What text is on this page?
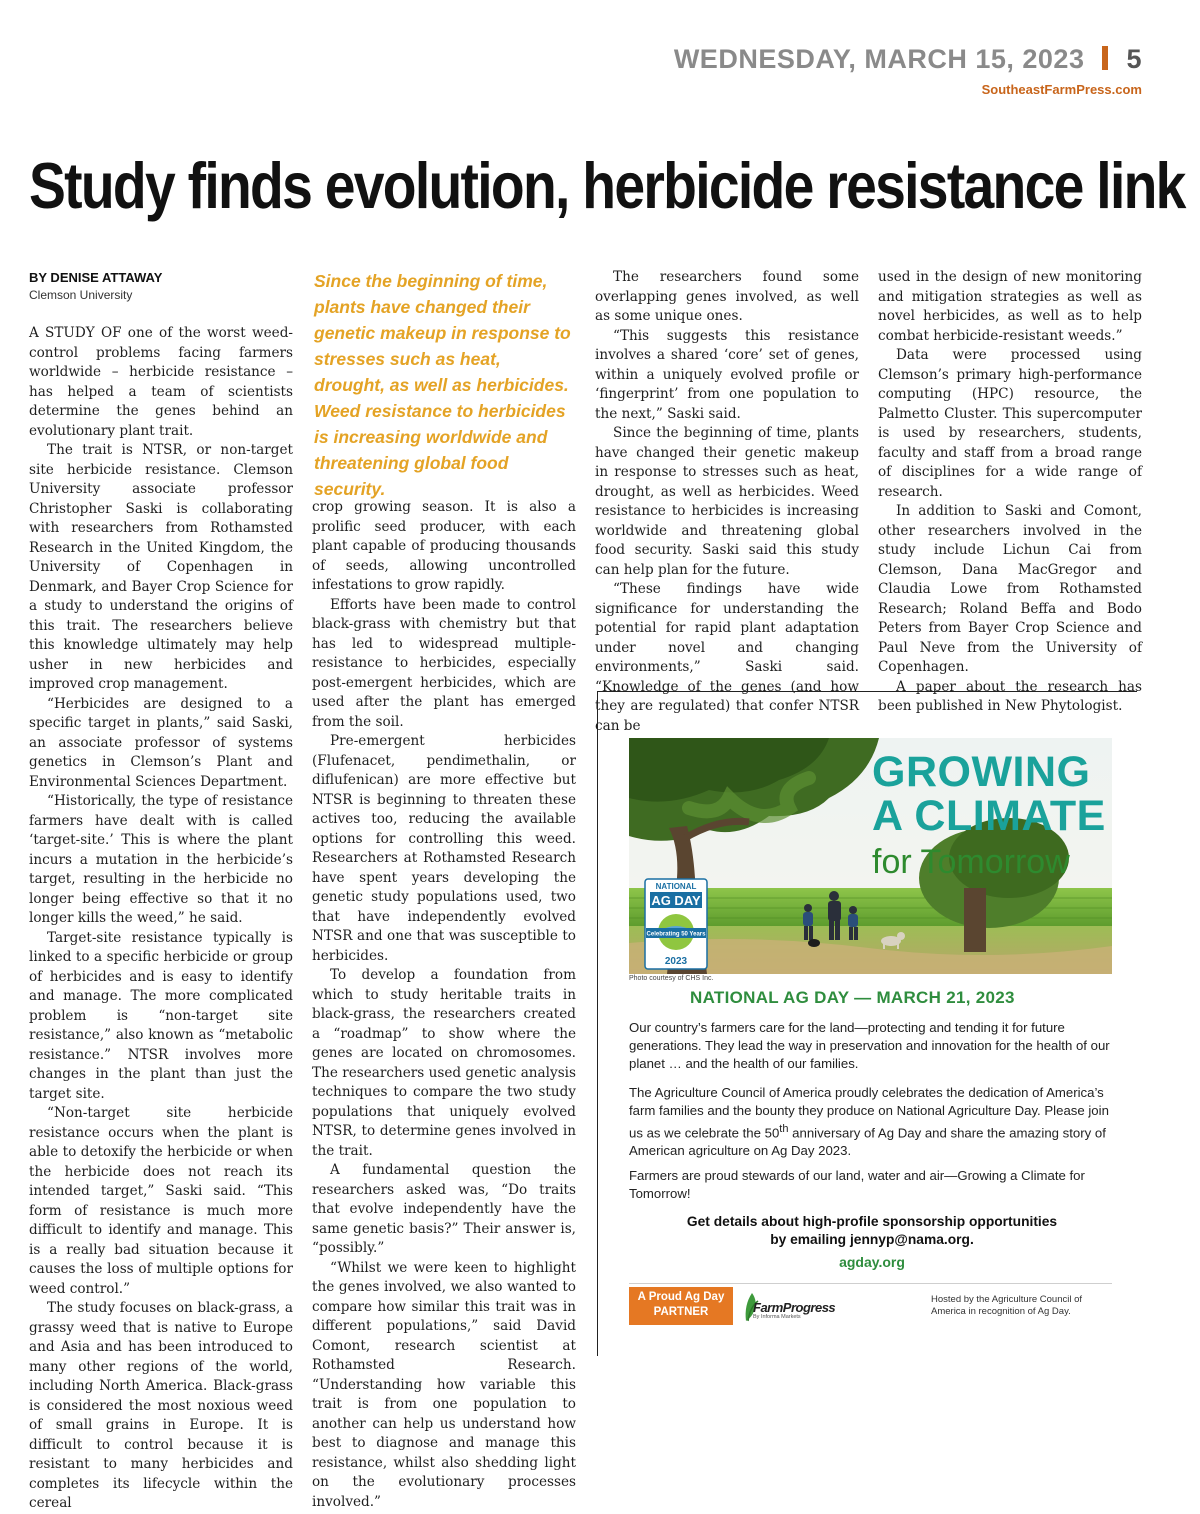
WEDNESDAY, MARCH 15, 2023 5
SoutheastFarmPress.com
Study finds evolution, herbicide resistance link
BY DENISE ATTAWAY
Clemson University
Since the beginning of time, plants have changed their genetic makeup in response to stresses such as heat, drought, as well as herbicides. Weed resistance to herbicides is increasing worldwide and threatening global food security.

A STUDY OF one of the worst weed-control problems facing farmers worldwide – herbicide resistance – has helped a team of scientists determine the genes behind an evolutionary plant trait.

The trait is NTSR, or non-target site herbicide resistance. Clemson University associate professor Christopher Saski is collaborating with researchers from Rothamsted Research in the United Kingdom, the University of Copenhagen in Denmark, and Bayer Crop Science for a study to understand the origins of this trait. The researchers believe this knowledge ultimately may help usher in new herbicides and improved crop management.

“Herbicides are designed to a specific target in plants,” said Saski, an associate professor of systems genetics in Clemson’s Plant and Environmental Sciences Department.

“Historically, the type of resistance farmers have dealt with is called ‘target-site.’ This is where the plant incurs a mutation in the herbicide’s target, resulting in the herbicide no longer being effective so that it no longer kills the weed,” he said.

Target-site resistance typically is linked to a specific herbicide or group of herbicides and is easy to identify and manage. The more complicated problem is “non-target site resistance,” also known as “metabolic resistance.” NTSR involves more changes in the plant than just the target site.

“Non-target site herbicide resistance occurs when the plant is able to detoxify the herbicide or when the herbicide does not reach its intended target,” Saski said. “This form of resistance is much more difficult to identify and manage. This is a really bad situation because it causes the loss of multiple options for weed control.”

The study focuses on black-grass, a grassy weed that is native to Europe and Asia and has been introduced to many other regions of the world, including North America. Black-grass is considered the most noxious weed of small grains in Europe. It is difficult to control because it is resistant to many herbicides and completes its lifecycle within the cereal

crop growing season. It is also a prolific seed producer, with each plant capable of producing thousands of seeds, allowing uncontrolled infestations to grow rapidly.

Efforts have been made to control black-grass with chemistry but that has led to widespread multiple-resistance to herbicides, especially post-emergent herbicides, which are used after the plant has emerged from the soil.

Pre-emergent herbicides (Flufenacet, pendimethalin, or diflufenican) are more effective but NTSR is beginning to threaten these actives too, reducing the available options for controlling this weed. Researchers at Rothamsted Research have spent years developing the genetic study populations used, two that have independently evolved NTSR and one that was susceptible to herbicides.

To develop a foundation from which to study heritable traits in black-grass, the researchers created a “roadmap” to show where the genes are located on chromosomes. The researchers used genetic analysis techniques to compare the two study populations that uniquely evolved NTSR, to determine genes involved in the trait.

A fundamental question the researchers asked was, “Do traits that evolve independently have the same genetic basis?” Their answer is, “possibly.”

“Whilst we were keen to highlight the genes involved, we also wanted to compare how similar this trait was in different populations,” said David Comont, research scientist at Rothamsted Research. “Understanding how variable this trait is from one population to another can help us understand how best to diagnose and manage this resistance, whilst also shedding light on the evolutionary processes involved.”

The researchers found some overlapping genes involved, as well as some unique ones.

“This suggests this resistance involves a shared ‘core’ set of genes, within a uniquely evolved profile or ‘fingerprint’ from one population to the next,” Saski said.

Since the beginning of time, plants have changed their genetic makeup in response to stresses such as heat, drought, as well as herbicides. Weed resistance to herbicides is increasing worldwide and threatening global food security. Saski said this study can help plan for the future.

“These findings have wide significance for understanding the potential for rapid plant adaptation under novel and changing environments,” Saski said. “Knowledge of the genes (and how they are regulated) that confer NTSR can be

used in the design of new monitoring and mitigation strategies as well as novel herbicides, as well as to help combat herbicide-resistant weeds.”

Data were processed using Clemson’s primary high-performance computing (HPC) resource, the Palmetto Cluster. This supercomputer is used by researchers, students, faculty and staff from a broad range of disciplines for a wide range of research.

In addition to Saski and Comont, other researchers involved in the study include Lichun Cai from Clemson, Dana MacGregor and Claudia Lowe from Rothamsted Research; Roland Beffa and Bodo Peters from Bayer Crop Science and Paul Neve from the University of Copenhagen.

A paper about the research has been published in New Phytologist.

GROWING
A CLIMATE
for Tomorrow
NATIONAL
AG DAY
Celebrating 50 Years
2023
Photo courtesy of CHS Inc.
NATIONAL AG DAY — MARCH 21, 2023

Our country’s farmers care for the land—protecting and tending it for future generations. They lead the way in preservation and innovation for the health of our planet … and the health of our families.

The Agriculture Council of America proudly celebrates the dedication of America’s farm families and the bounty they produce on National Agriculture Day. Please join us as we celebrate the 50th anniversary of Ag Day and share the amazing story of American agriculture on Ag Day 2023.

Farmers are proud stewards of our land, water and air—Growing a Climate for Tomorrow!

Get details about high-profile sponsorship opportunities
by emailing jennyp@nama.org.
agday.org
A Proud Ag Day
PARTNER	FarmProgress
By Informa Markets
Hosted by the Agriculture Council of America in recognition of Ag Day.
